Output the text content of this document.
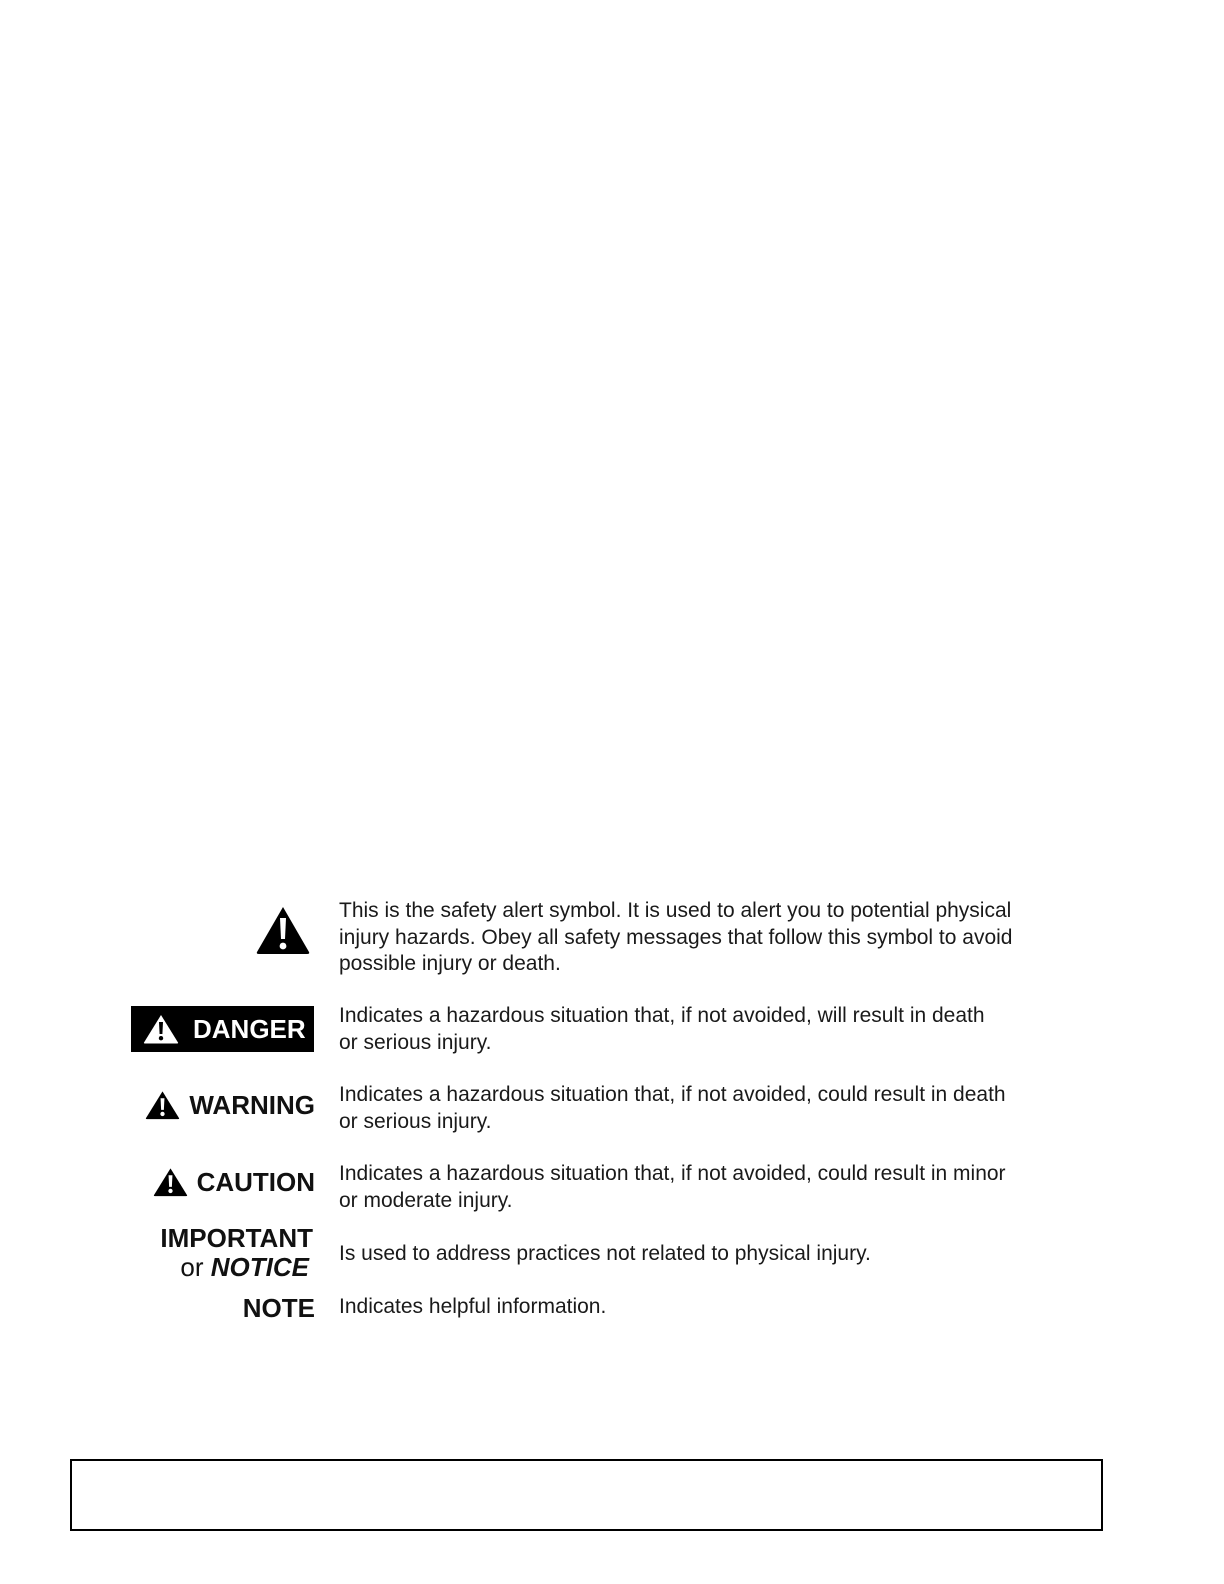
This is the safety alert symbol. It is used to alert you to potential physical
injury hazards. Obey all safety messages that follow this symbol to avoid
possible injury or death.
DANGER Indicates a hazardous situation that, if not avoided, will result in death
or serious injury.
WARNING Indicates a hazardous situation that, if not avoided, could result in death
or serious injury.
CAUTION Indicates a hazardous situation that, if not avoided, could result in minor
or moderate injury.
IMPORTANT
or NOTICE Is used to address practices not related to physical injury.
NOTE Indicates helpful information.
